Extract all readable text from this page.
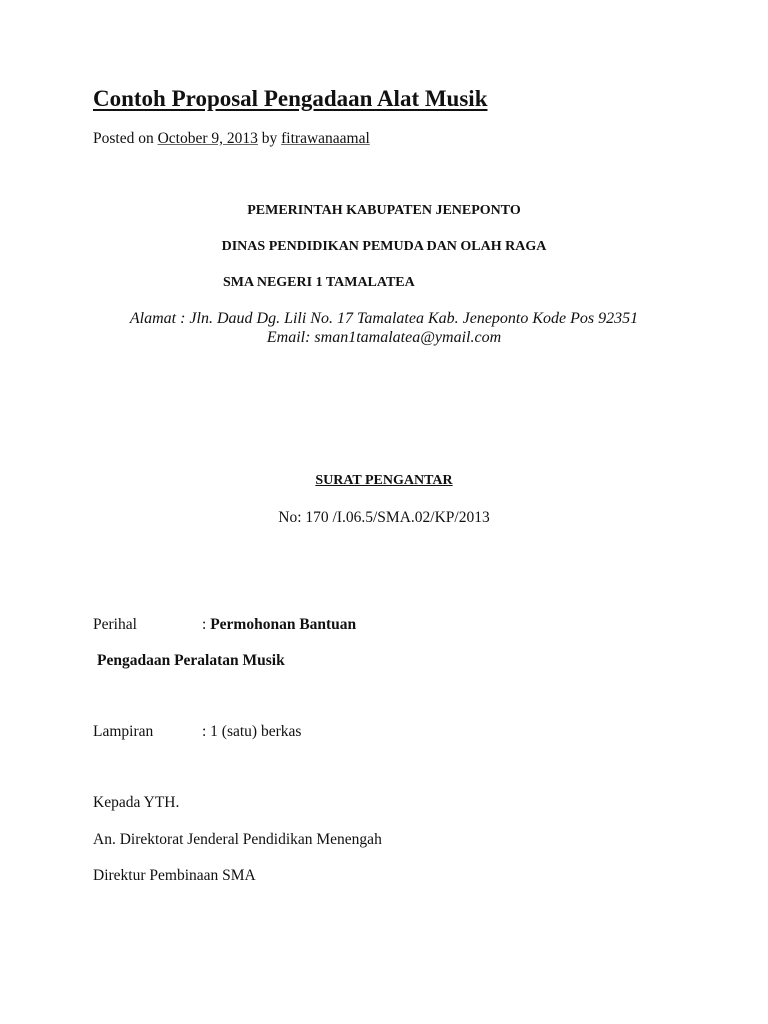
Contoh Proposal Pengadaan Alat Musik
Posted on October 9, 2013 by fitrawanaamal
PEMERINTAH KABUPATEN JENEPONTO
DINAS PENDIDIKAN PEMUDA DAN OLAH RAGA
SMA NEGERI 1 TAMALATEA
Alamat : Jln. Daud Dg. Lili No. 17 Tamalatea Kab. Jeneponto Kode Pos 92351
Email: sman1tamalatea@ymail.com
SURAT PENGANTAR
No: 170 /I.06.5/SMA.02/KP/2013
Perihal	: Permohonan Bantuan
Pengadaan Peralatan Musik
Lampiran	: 1 (satu) berkas
Kepada YTH.
An. Direktorat Jenderal Pendidikan Menengah
Direktur Pembinaan SMA
